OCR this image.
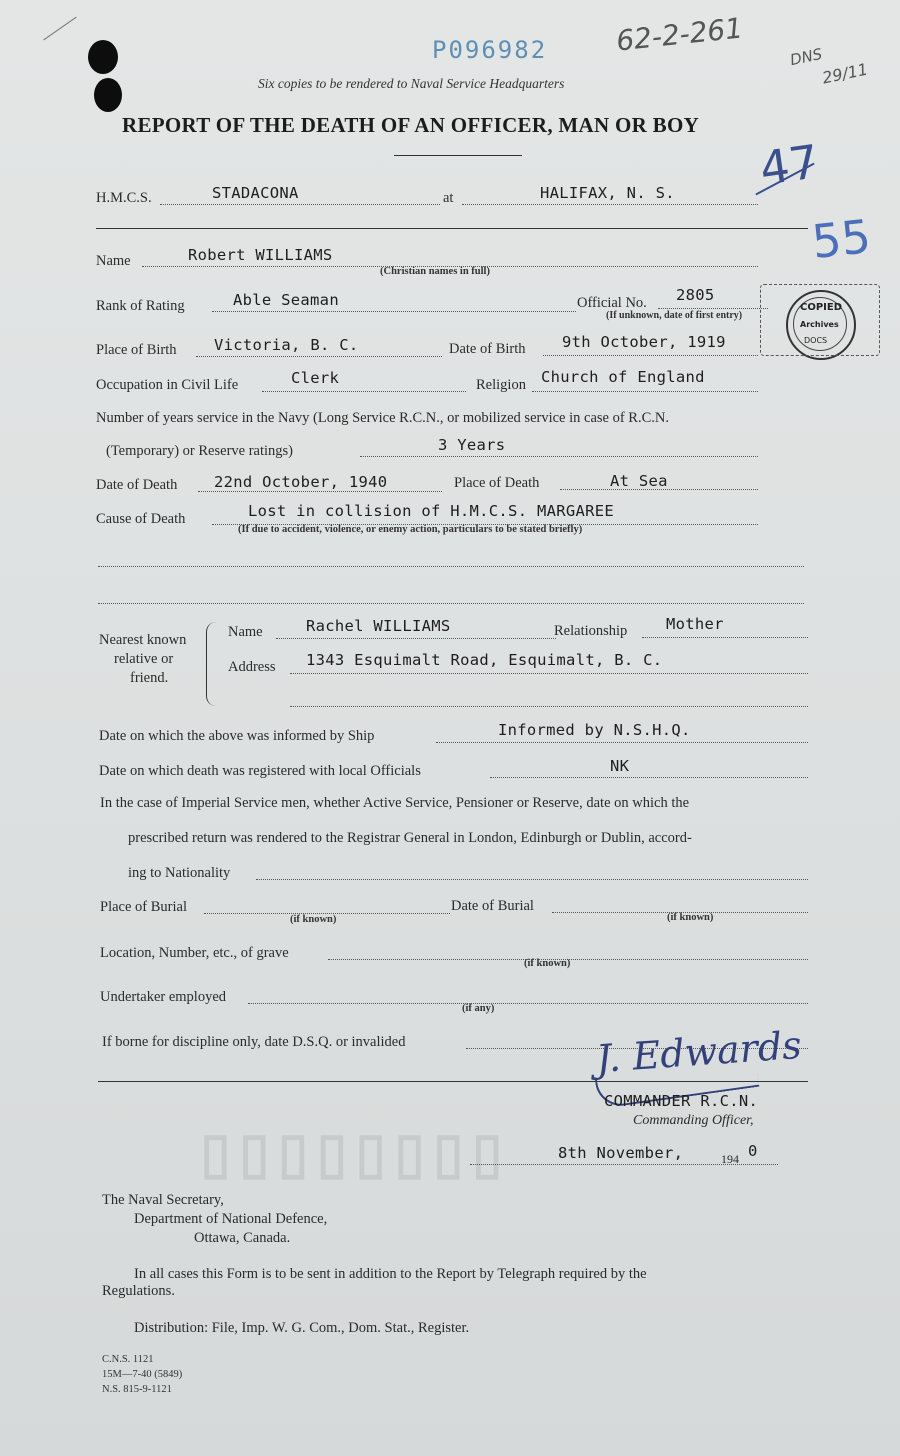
P096982 62-2-261	DNS
29/11
Six copies to be rendered to Naval Service Headquarters
REPORT OF THE DEATH OF AN OFFICER, MAN OR BOY
47
55
H.M.C.S.	STADACONA	at	HALIFAX, N. S.
Name	Robert WILLIAMS
(Christian names in full)
Rank of Rating	Able Seaman	Official No. 2805
(If unknown, date of first entry)
COPIED
Archives
DOCS
Place of Birth Victoria, B. C.	Date of Birth 9th October, 1919
Occupation in Civil Life	Clerk	Religion Church of England
Number of years service in the Navy (Long Service R.C.N., or mobilized service in case of R.C.N.
(Temporary) or Reserve ratings)	3 Years
Date of Death 22nd October, 1940	Place of Death	At Sea
Cause of Death	Lost in collision of H.M.C.S. MARGAREE
(If due to accident, violence, or enemy action, particulars to be stated briefly)
Nearest known
relative or
friend.
Name	Rachel WILLIAMS	Relationship Mother
Address 1343 Esquimalt Road, Esquimalt, B. C.
Date on which the above was informed by Ship	Informed by N.S.H.Q.
Date on which death was registered with local Officials	NK
In the case of Imperial Service men, whether Active Service, Pensioner or Reserve, date on which the
prescribed return was rendered to the Registrar General in London, Edinburgh or Dublin, accord-
ing to Nationality
Place of Burial
(if known)
Date of Burial
(if known)
Location, Number, etc., of grave
(if known)
Undertaker employed
(if any)
If borne for discipline only, date D.S.Q. or invalided	J. Edwards
COMMANDER R.C.N.
Commanding Officer,
8th November,	194 0
▯▯▯▯▯▯▯▯
The Naval Secretary,
Department of National Defence,
Ottawa, Canada.
In all cases this Form is to be sent in addition to the Report by Telegraph required by the
Regulations.
Distribution: File, Imp. W. G. Com., Dom. Stat., Register.
C.N.S. 1121
15M—7-40 (5849)
N.S. 815-9-1121
